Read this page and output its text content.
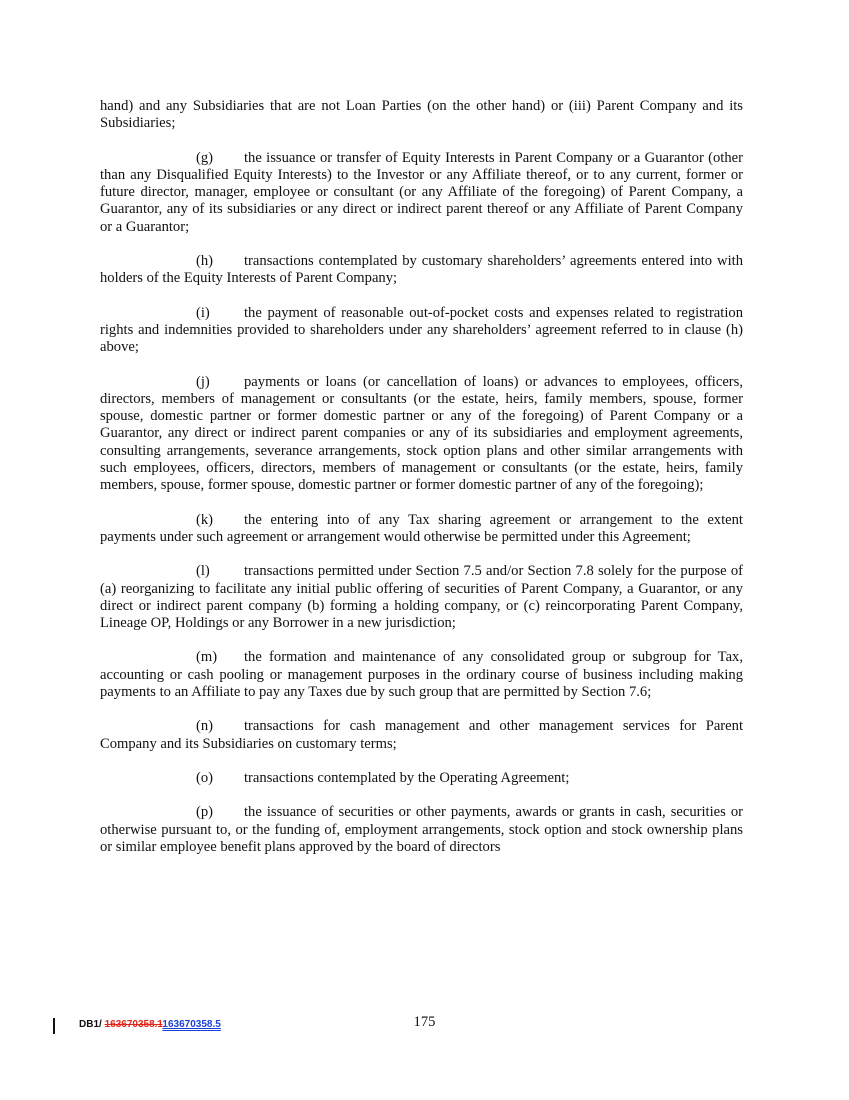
hand) and any Subsidiaries that are not Loan Parties (on the other hand) or (iii) Parent Company and its Subsidiaries;

(g) the issuance or transfer of Equity Interests in Parent Company or a Guarantor (other than any Disqualified Equity Interests) to the Investor or any Affiliate thereof, or to any current, former or future director, manager, employee or consultant (or any Affiliate of the foregoing) of Parent Company, a Guarantor, any of its subsidiaries or any direct or indirect parent thereof or any Affiliate of Parent Company or a Guarantor;

(h) transactions contemplated by customary shareholders’ agreements entered into with holders of the Equity Interests of Parent Company;

(i) the payment of reasonable out-of-pocket costs and expenses related to registration rights and indemnities provided to shareholders under any shareholders’ agreement referred to in clause (h) above;

(j) payments or loans (or cancellation of loans) or advances to employees, officers, directors, members of management or consultants (or the estate, heirs, family members, spouse, former spouse, domestic partner or former domestic partner or any of the foregoing) of Parent Company or a Guarantor, any direct or indirect parent companies or any of its subsidiaries and employment agreements, consulting arrangements, severance arrangements, stock option plans and other similar arrangements with such employees, officers, directors, members of management or consultants (or the estate, heirs, family members, spouse, former spouse, domestic partner or former domestic partner of any of the foregoing);

(k) the entering into of any Tax sharing agreement or arrangement to the extent payments under such agreement or arrangement would otherwise be permitted under this Agreement;

(l) transactions permitted under Section 7.5 and/or Section 7.8 solely for the purpose of (a) reorganizing to facilitate any initial public offering of securities of Parent Company, a Guarantor, or any direct or indirect parent company (b) forming a holding company, or (c) reincorporating Parent Company, Lineage OP, Holdings or any Borrower in a new jurisdiction;

(m) the formation and maintenance of any consolidated group or subgroup for Tax, accounting or cash pooling or management purposes in the ordinary course of business including making payments to an Affiliate to pay any Taxes due by such group that are permitted by Section 7.6;

(n) transactions for cash management and other management services for Parent Company and its Subsidiaries on customary terms;

(o) transactions contemplated by the Operating Agreement;

(p) the issuance of securities or other payments, awards or grants in cash, securities or otherwise pursuant to, or the funding of, employment arrangements, stock option and stock ownership plans or similar employee benefit plans approved by the board of directors

DB1/ 163670358.1163670358.5	175
